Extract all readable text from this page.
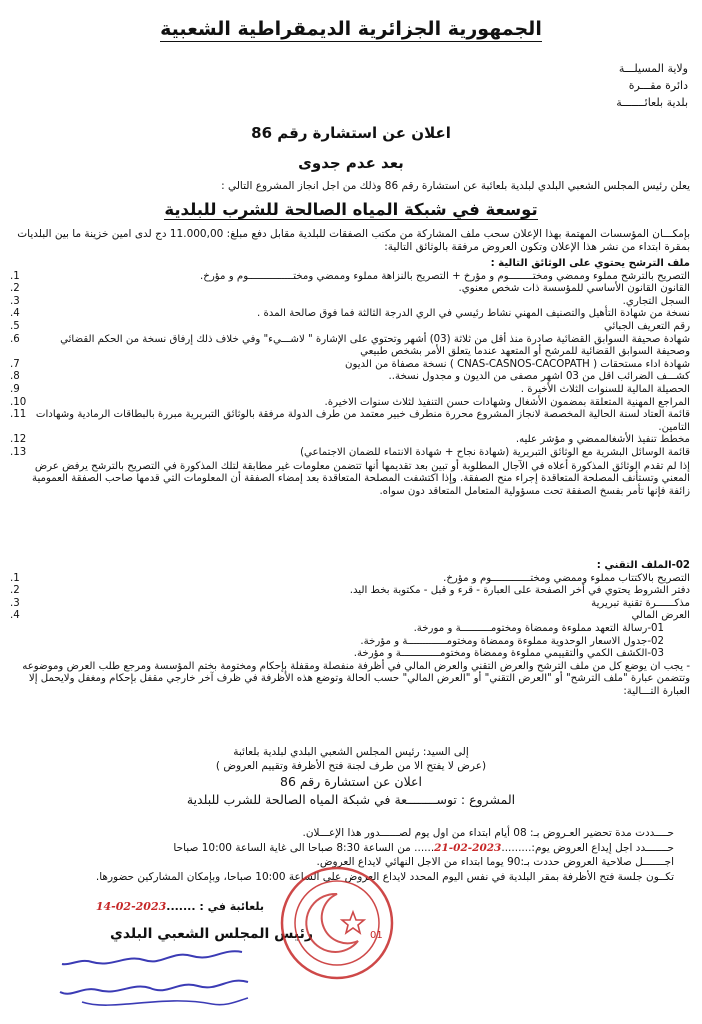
الجمهورية الجزائرية الديمقراطية الشعبية
ولاية المسيلـــة
دائرة مقـــرة
بلدية بلعائـــــــة
اعلان عن استشارة رقم 86
بعد عدم جدوى
يعلن رئيس المجلس الشعبي البلدي لبلدية بلعائبة عن استشارة رقم 86 وذلك من اجل انجاز المشروع التالي :
توسعة في شبكة المياه الصالحة للشرب للبلدية
بإمكـــان المؤسسات المهتمة بهذا الإعلان سحب ملف المشاركة من مكتب الصفقات للبلدية مقابل دفع مبلغ: 11.000,00 دج لدى امين خزينة ما بين البلديات بمقرة ابتداء من نشر هذا الإعلان وتكون العروض مرفقة بالوثائق التالية:
ملف الترشح يحتوي على الوثائق التالية :
التصريح بالترشح مملوء وممضي ومختــــــــوم و مؤرخ + التصريح بالنزاهة مملوء وممضي ومختـــــــــــــــوم و مؤرخ.
1.
القانون القانون الأساسي للمؤسسة ذات شخص معنوي.
2.
السجل التجاري.
3.
نسخة من شهادة التأهيل والتصنيف المهني نشاط رئيسي في الري الدرجة الثالثة فما فوق صالحة المدة .
4.
رقم التعريف الجبائي
5.
شهادة صحيفة السوابق القضائية صادرة منذ أقل من ثلاثة (03) أشهر وتحتوي على الإشارة " لاشـــيء" وفي خلاف ذلك إرفاق نسخة من الحكم القضائي وصحيفة السوابق القضائية للمرشح أو المتعهد عندما يتعلق الأمر بشخص طبيعي
6.
شهادة اداء مستحقات ( CNAS-CASNOS-CACOPATH ) نسخة مصفاة من الديون
7.
كشـــف الضرائب اقل من 03 اشهر مصفى من الديون و مجدول نسخة..
8.
الحصيلة المالية للسنوات الثلاث الأخيرة .
9.
المراجع المهنية المتعلقة بمضمون الأشغال وشهادات حسن التنفيذ لثلاث سنوات الاخيرة.
10.
قائمة العتاد لسنة الحالية المخصصة لانجاز المشروع محررة منطرف خبير معتمد من طرف الدولة مرفقة بالوثائق التبريرية مبررة بالبطاقات الرمادية وشهادات التامين.
11.
مخطط تنفيذ الأشغالممضي و مؤشر عليه.
12.
قائمة الوسائل البشرية مع الوثائق التبريرية (شهادة نجاح + شهادة الانتماء للضمان الاجتماعي)
13.
إذا لم تقدم الوثائق المذكورة أعلاه في الآجال المطلوبة أو تبين بعد تقديمها أنها تتضمن معلومات غير مطابقة لتلك المذكورة في التصريح بالترشح يرفض عرض المعني وتستأنف المصلحة المتعاقدة إجراء منح الصفقة. وإذا اكتشفت المصلحة المتعاقدة بعد إمضاء الصفقة أن المعلومات التي قدمها صاحب الصفقة العمومية زائفة فإنها تأمر بفسخ الصفقة تحت مسؤولية المتعامل المتعاقد دون سواه.
02-الملف التقني :
التصريح بالاكتتاب مملوء وممضي ومختـــــــــــــوم و مؤرخ.
1.
دفتر الشروط يحتوي في أخر الصفحة على العبارة - قرء و قبل - مكتوبة بخط اليد.
2.
مذكــــــرة تقنية تبريرية
3.
العرض المالي
4.
01-رسالة التعهد مملوءة وممضاة ومختومــــــــــة و مورخة.
02-جدول الاسعار الوحدوية مملوءة وممضاة ومختومـــــــــــــة و مؤرخة.
03-الكشف الكمي والتقييمي مملوءة وممضاة ومختومـــــــــــــة و مؤرخة.
- يجب ان يوضع كل من ملف الترشح والعرض التقني والعرض المالي في أظرفة منفصلة ومقفلة بإحكام ومختومة بختم المؤسسة ومرجع طلب العرض وموضوعه وتتضمن عبارة "ملف الترشح" أو "العرض التقني" أو "العرض المالي" حسب الحالة وتوضع هذه الأظرفة في ظرف آخر خارجي مقفل بإحكام ومغفل ولايحمل إلا العبارة التـــالية:
إلى السيد: رئيس المجلس الشعبي البلدي لبلدية بلعائبة
(عرض لا يفتح الا من طرف لجنة فتح الأظرفة وتقييم العروض )
اعلان عن استشارة رقم 86
المشروع : توســــــــعة في شبكة المياه الصالحة للشرب للبلدية
حــــددت مدة تحضير العـروض بـ: 08 أيام ابتداء من اول يوم لصــــــدور هذا الإعـــلان.
حـــــــدد اجل إيداع العروض يوم:.........2023-02-21...... من الساعة 8:30 صباحا الى غاية الساعة 10:00 صباحا
اجـــــــل صلاحية العروض حددت بـ:90 يوما ابتداء من الاجل النهائي لايداع العروض.
تكــون جلسة فتح الأظرفة بمقر البلدية في نفس اليوم المحدد لايداع العروض على الساعة 10:00 صباحا، وبإمكان المشاركين حضورها.
بلعائبة في : .......2023-02-14
رئيس المجلس الشعبي البلدي	01
